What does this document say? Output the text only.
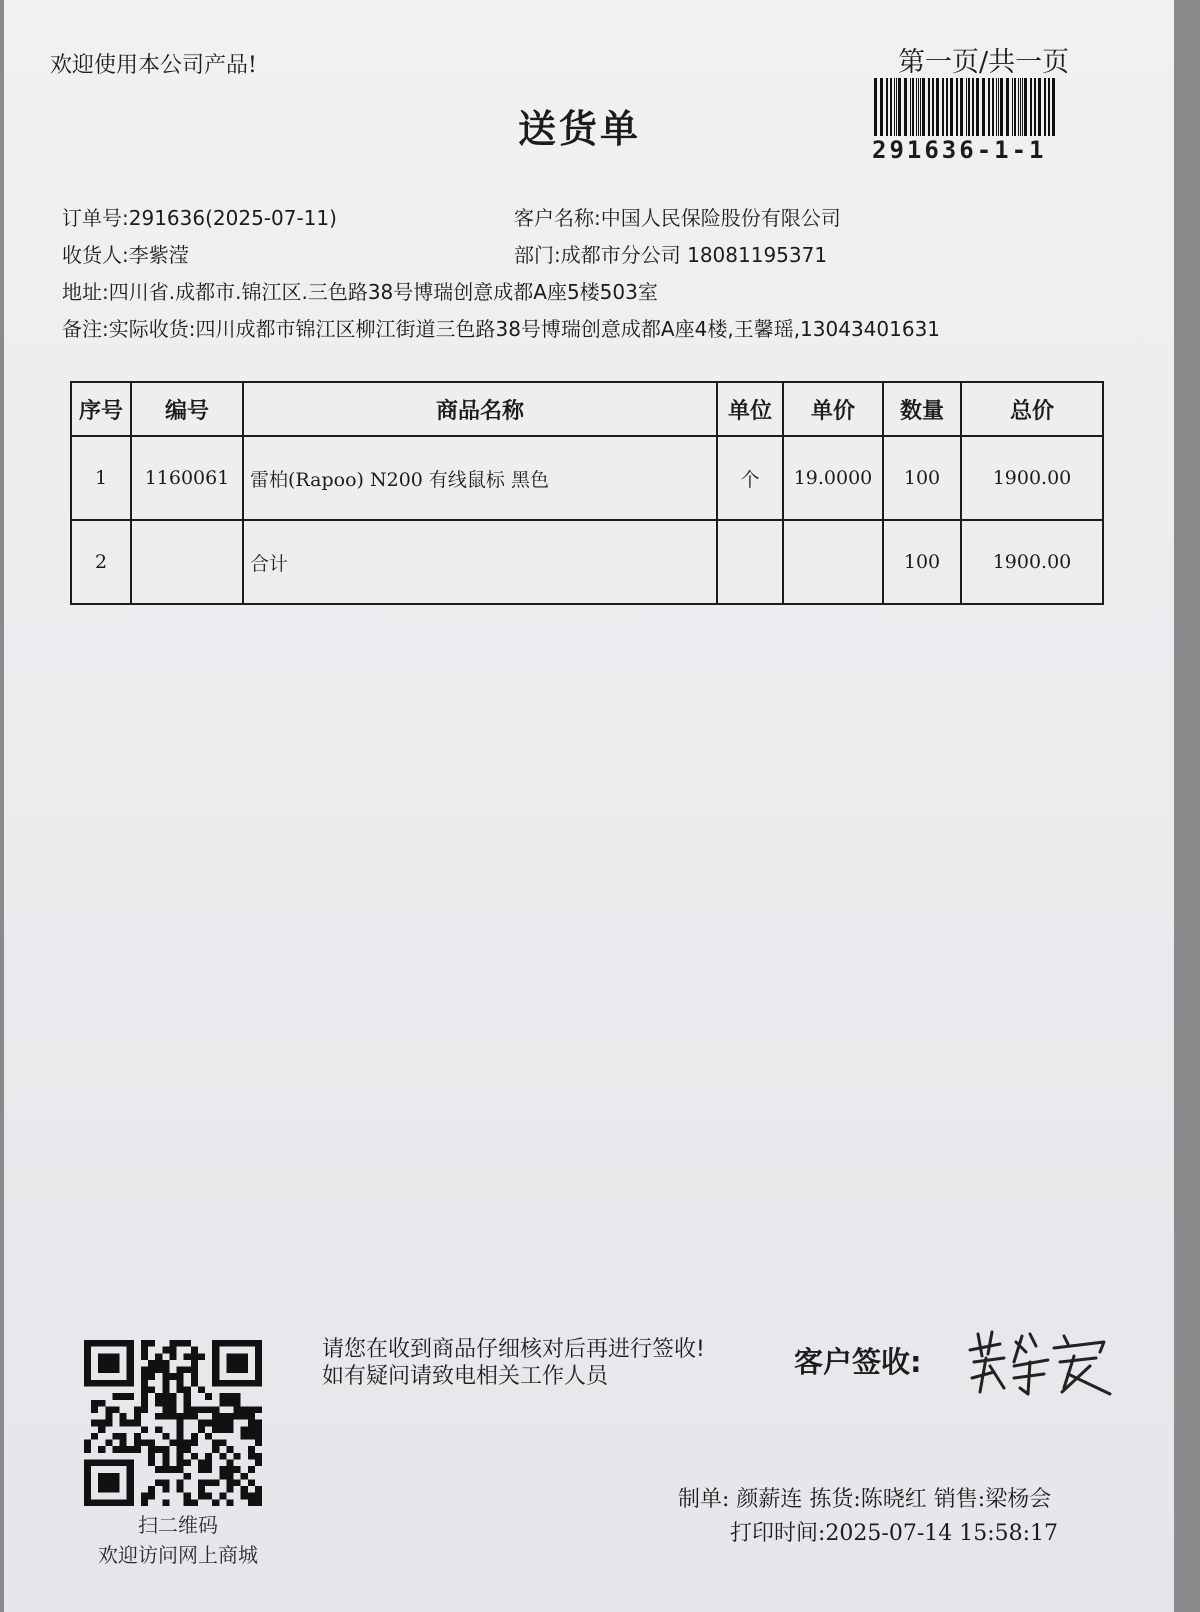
欢迎使用本公司产品!	第一页/共一页
送货单	291636-1-1
订单号:291636(2025-07-11)	客户名称:中国人民保险股份有限公司
收货人:李紫滢	部门:成都市分公司 18081195371
地址:四川省.成都市.锦江区.三色路38号博瑞创意成都A座5楼503室
备注:实际收货:四川成都市锦江区柳江街道三色路38号博瑞创意成都A座4楼,王馨瑶,13043401631
序号	编号	商品名称	单位	单价	数量	总价
1	1160061	雷柏(Rapoo) N200 有线鼠标 黑色	个	19.0000	100	1900.00
2		合计			100	1900.00
扫二维码
欢迎访问网上商城
请您在收到商品仔细核对后再进行签收!如有疑问请致电相关工作人员	客户签收:
制单: 颜薪连 拣货:陈晓红 销售:梁杨会
打印时间:2025-07-14 15:58:17
